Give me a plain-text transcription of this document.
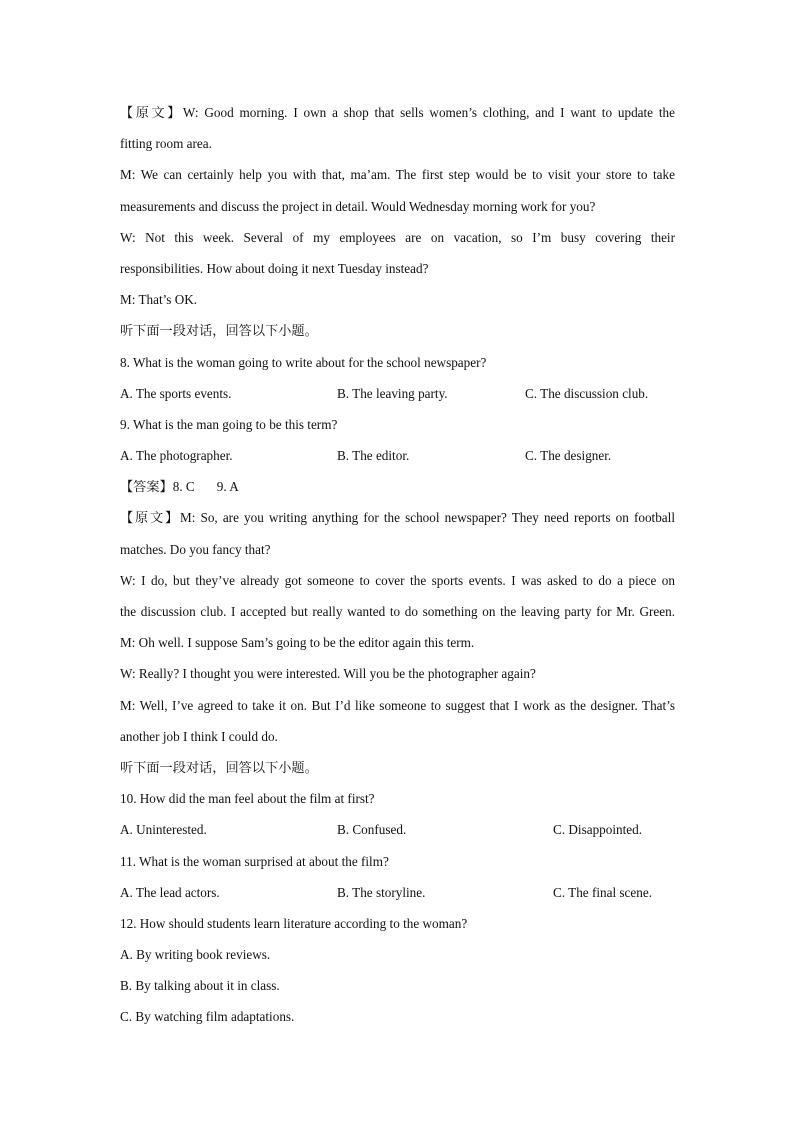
【原文】W: Good morning. I own a shop that sells women’s clothing, and I want to update the
fitting room area.
M: We can certainly help you with that, ma’am. The first step would be to visit your store to take
measurements and discuss the project in detail. Would Wednesday morning work for you?
W: Not this week. Several of my employees are on vacation, so I’m busy covering their
responsibilities. How about doing it next Tuesday instead?
M: That’s OK.
听下面一段对话，回答以下小题。
8. What is the woman going to write about for the school newspaper?
A. The sports events.	B. The leaving party.	C. The discussion club.
9. What is the man going to be this term?
A. The photographer.	B. The editor.	C. The designer.
【答案】8. C 9. A
【原文】M: So, are you writing anything for the school newspaper? They need reports on football
matches. Do you fancy that?
W: I do, but they’ve already got someone to cover the sports events. I was asked to do a piece on
the discussion club. I accepted but really wanted to do something on the leaving party for Mr. Green.
M: Oh well. I suppose Sam’s going to be the editor again this term.
W: Really? I thought you were interested. Will you be the photographer again?
M: Well, I’ve agreed to take it on. But I’d like someone to suggest that I work as the designer. That’s
another job I think I could do.
听下面一段对话，回答以下小题。
10. How did the man feel about the film at first?
A. Uninterested.	B. Confused.	C. Disappointed.
11. What is the woman surprised at about the film?
A. The lead actors.	B. The storyline.	C. The final scene.
12. How should students learn literature according to the woman?
A. By writing book reviews.
B. By talking about it in class.
C. By watching film adaptations.
